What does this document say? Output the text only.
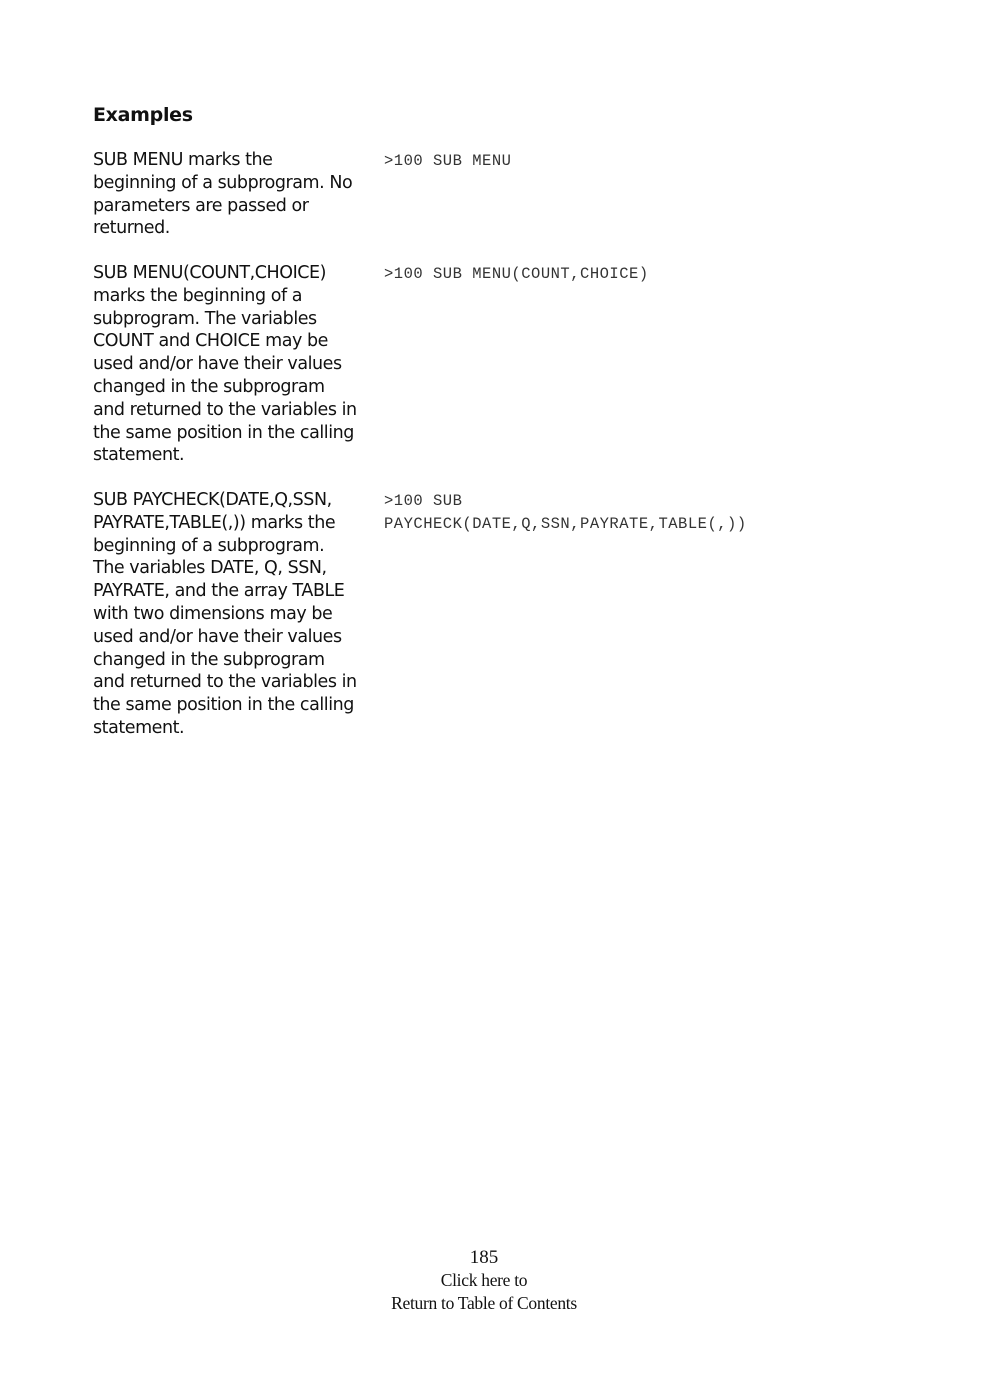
Examples
SUB MENU marks the
beginning of a subprogram. No
parameters are passed or
returned.
>100 SUB MENU
SUB MENU(COUNT,CHOICE)
marks the beginning of a
subprogram. The variables
COUNT and CHOICE may be
used and/or have their values
changed in the subprogram
and returned to the variables in
the same position in the calling
statement.
>100 SUB MENU(COUNT,CHOICE)
SUB PAYCHECK(DATE,Q,SSN,
PAYRATE,TABLE(,)) marks the
beginning of a subprogram.
The variables DATE, Q, SSN,
PAYRATE, and the array TABLE
with two dimensions may be
used and/or have their values
changed in the subprogram
and returned to the variables in
the same position in the calling
statement.
>100 SUB
PAYCHECK(DATE,Q,SSN,PAYRATE,TABLE(,))
185
Click here to
Return to Table of Contents
